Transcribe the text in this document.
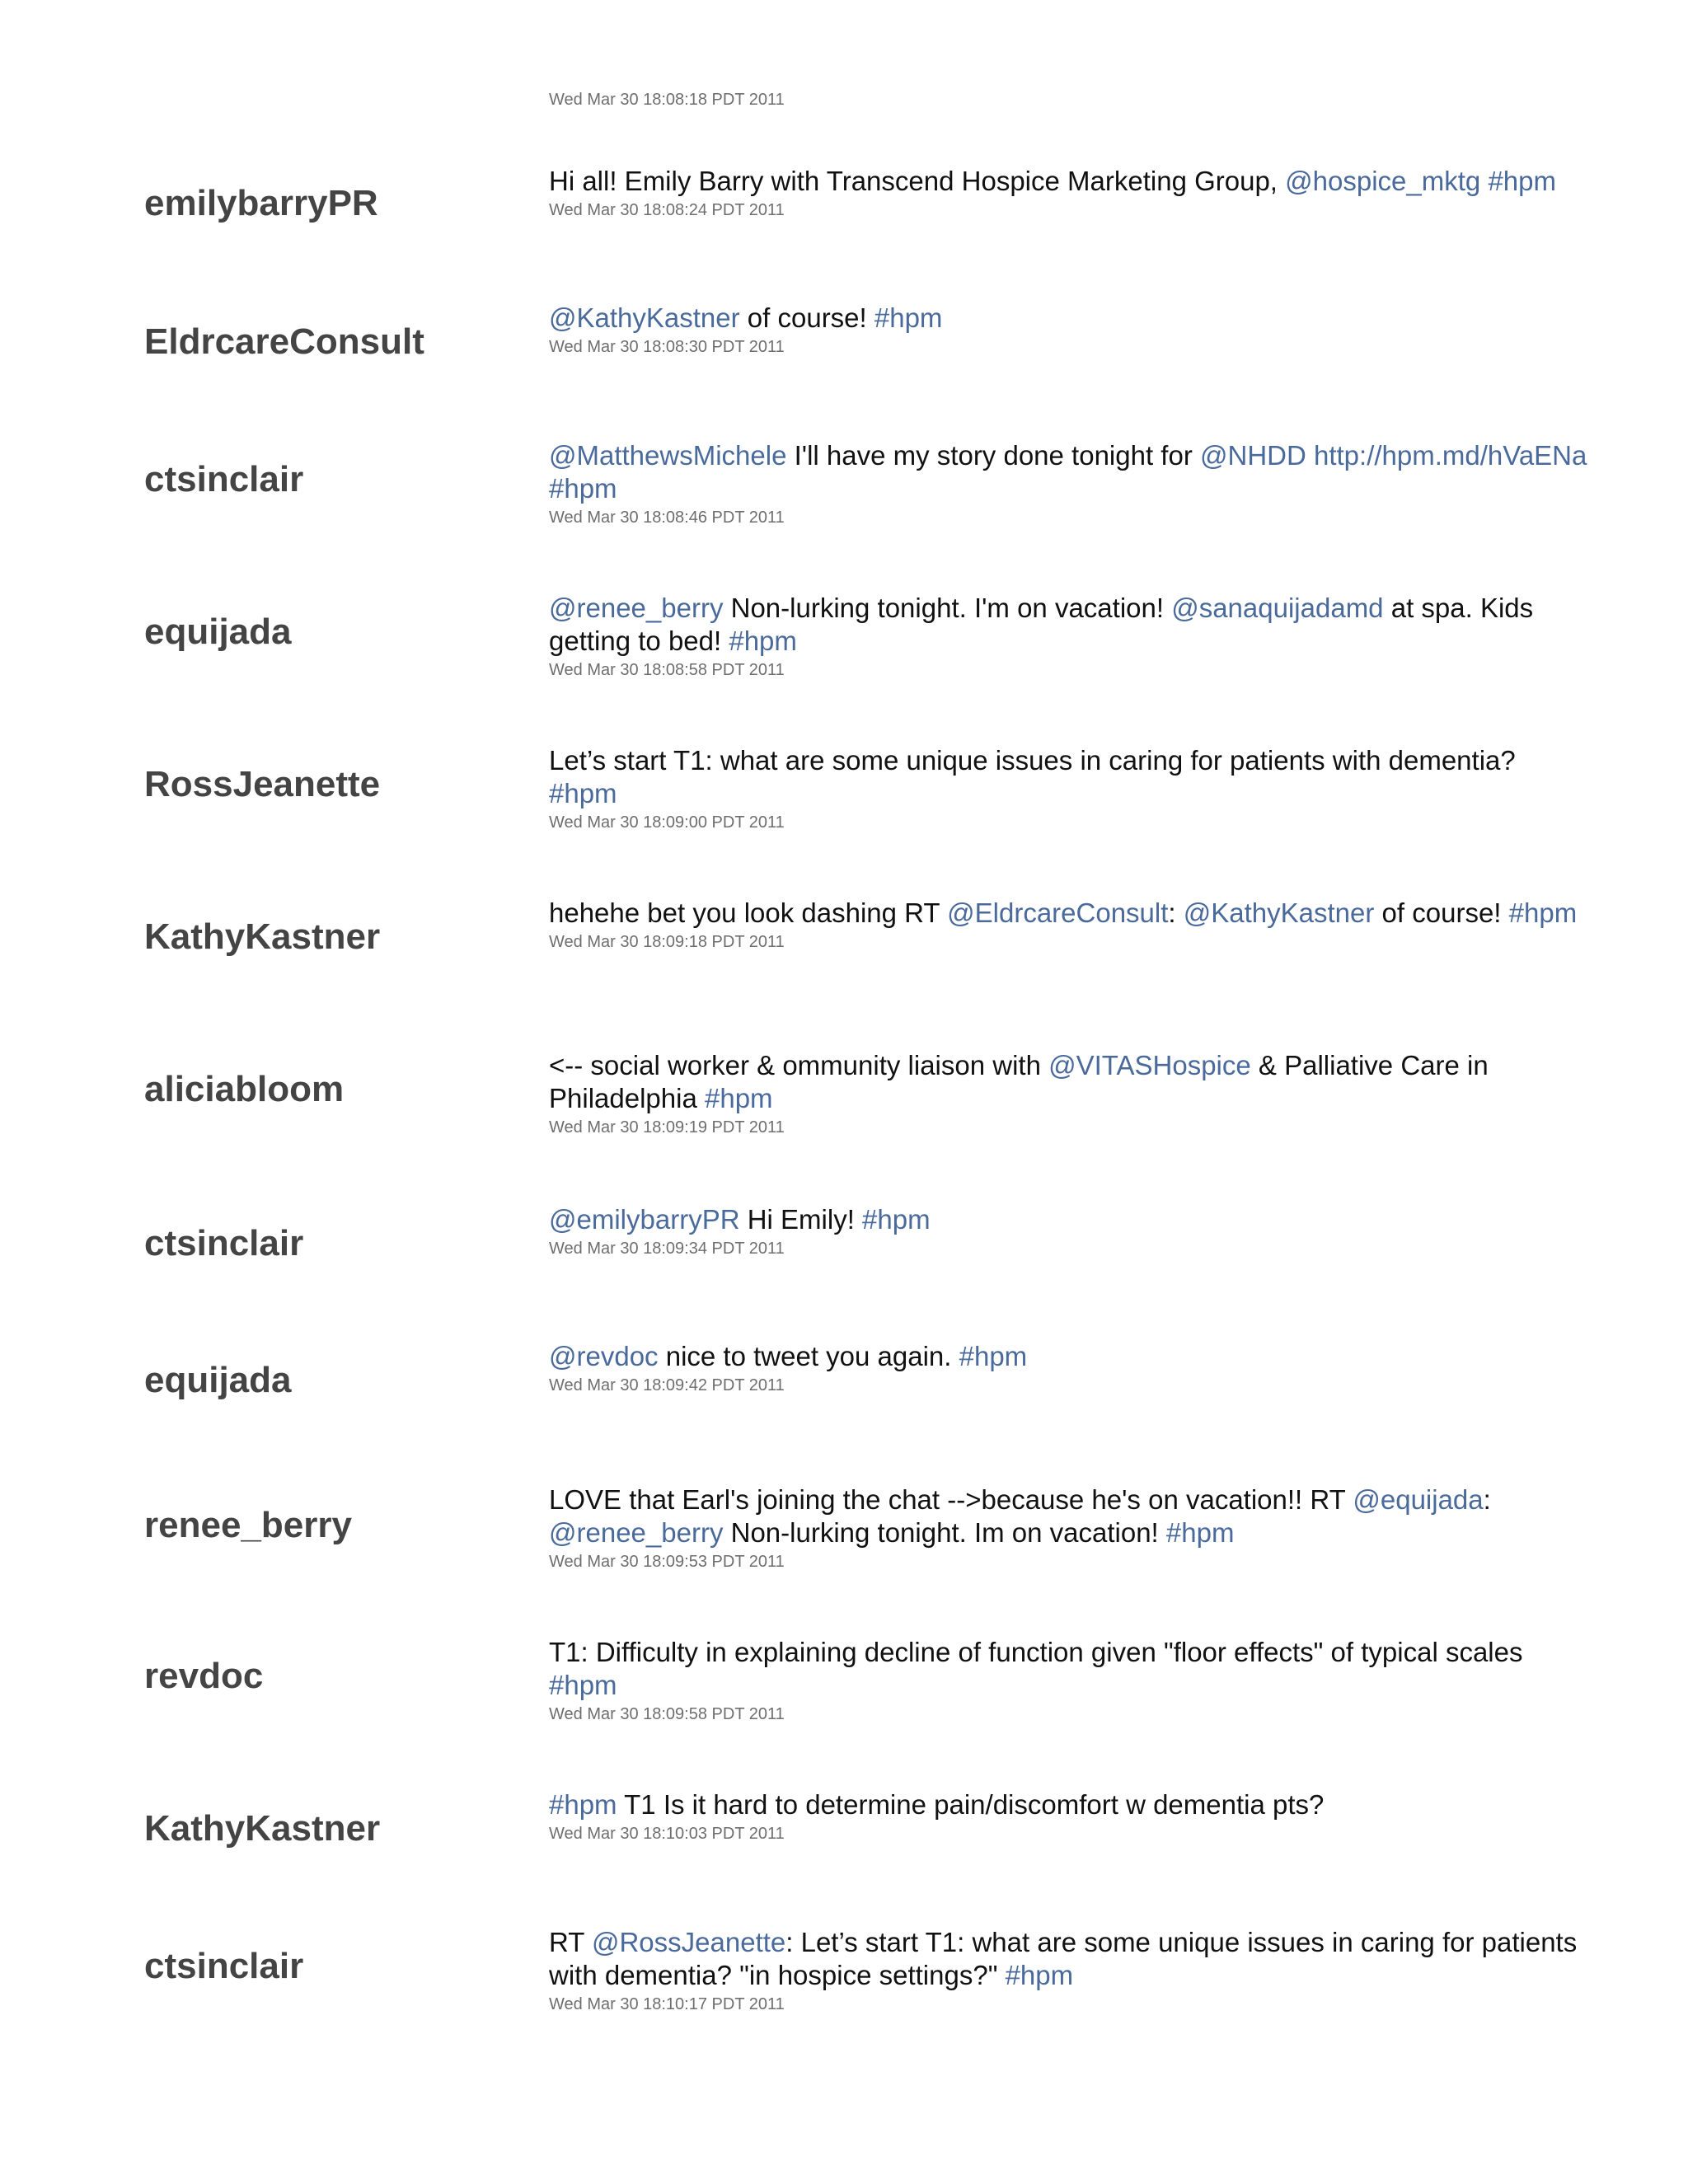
Wed Mar 30 18:08:18 PDT 2011
emilybarryPR
Hi all! Emily Barry with Transcend Hospice Marketing Group, @hospice_mktg #hpm
Wed Mar 30 18:08:24 PDT 2011
EldrcareConsult
@KathyKastner of course! #hpm
Wed Mar 30 18:08:30 PDT 2011
ctsinclair
@MatthewsMichele I'll have my story done tonight for @NHDD http://hpm.md/hVaENa #hpm
Wed Mar 30 18:08:46 PDT 2011
equijada
@renee_berry Non-lurking tonight. I'm on vacation! @sanaquijadamd at spa. Kids getting to bed! #hpm
Wed Mar 30 18:08:58 PDT 2011
RossJeanette
Let’s start T1: what are some unique issues in caring for patients with dementia? #hpm
Wed Mar 30 18:09:00 PDT 2011
KathyKastner
hehehe bet you look dashing RT @EldrcareConsult: @KathyKastner of course! #hpm
Wed Mar 30 18:09:18 PDT 2011
aliciabloom
<-- social worker & ommunity liaison with @VITASHospice & Palliative Care in Philadelphia #hpm
Wed Mar 30 18:09:19 PDT 2011
ctsinclair
@emilybarryPR Hi Emily! #hpm
Wed Mar 30 18:09:34 PDT 2011
equijada
@revdoc nice to tweet you again. #hpm
Wed Mar 30 18:09:42 PDT 2011
renee_berry
LOVE that Earl's joining the chat -->because he's on vacation!! RT @equijada: @renee_berry Non-lurking tonight. Im on vacation! #hpm
Wed Mar 30 18:09:53 PDT 2011
revdoc
T1: Difficulty in explaining decline of function given "floor effects" of typical scales #hpm
Wed Mar 30 18:09:58 PDT 2011
KathyKastner
#hpm T1 Is it hard to determine pain/discomfort w dementia pts?
Wed Mar 30 18:10:03 PDT 2011
ctsinclair
RT @RossJeanette: Let’s start T1: what are some unique issues in caring for patients with dementia? "in hospice settings?" #hpm
Wed Mar 30 18:10:17 PDT 2011
